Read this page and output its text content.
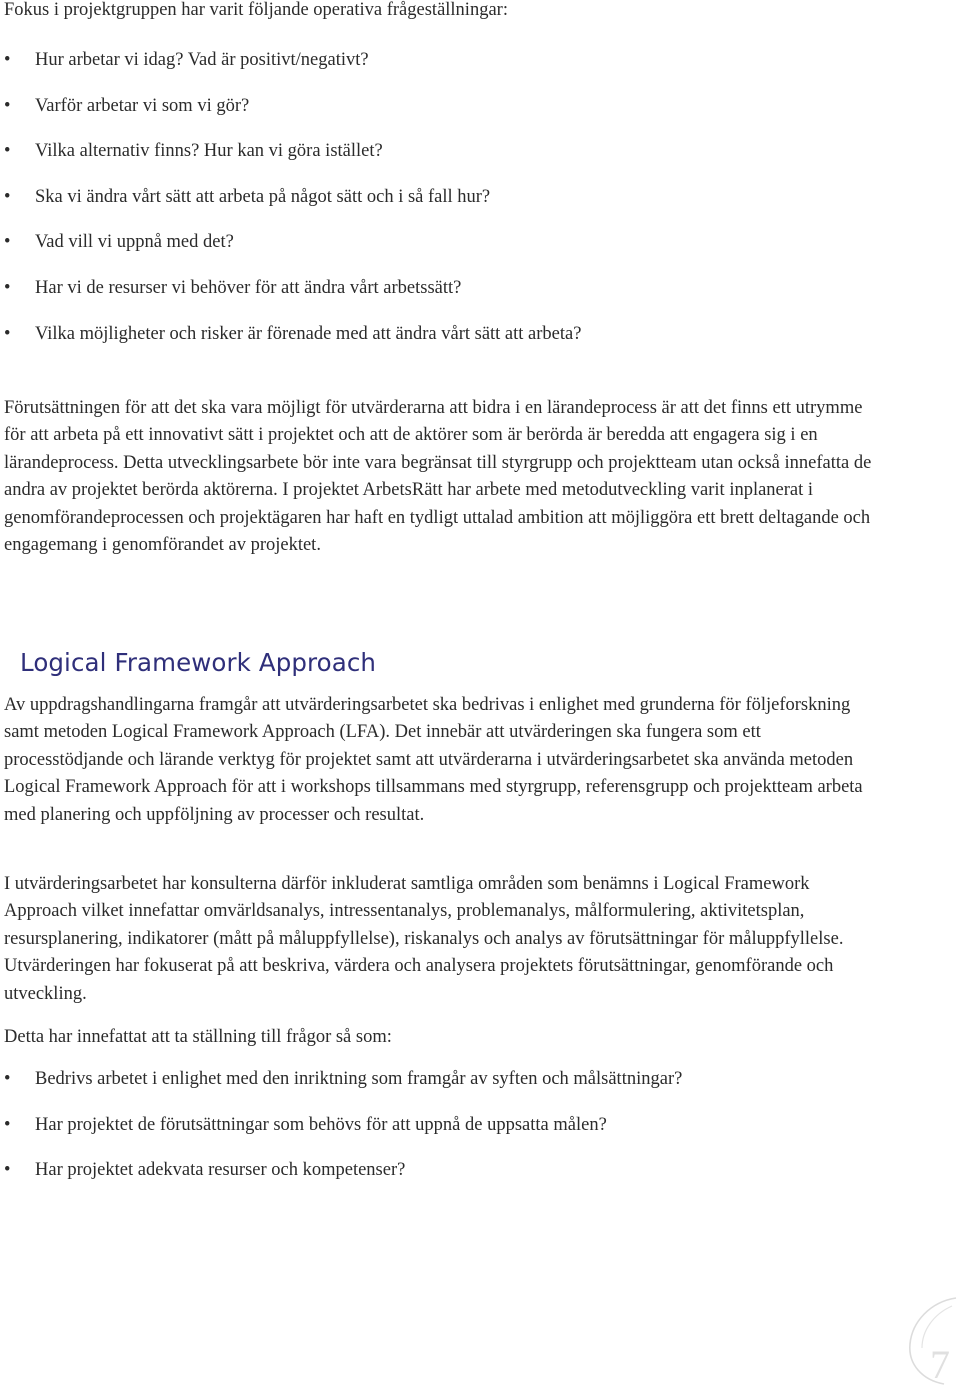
Fokus i projektgruppen har varit följande operativa frågeställningar:

• Hur arbetar vi idag? Vad är positivt/negativt?
• Varför arbetar vi som vi gör?
• Vilka alternativ finns? Hur kan vi göra istället?
• Ska vi ändra vårt sätt att arbeta på något sätt och i så fall hur?
• Vad vill vi uppnå med det?
• Har vi de resurser vi behöver för att ändra vårt arbetssätt?
• Vilka möjligheter och risker är förenade med att ändra vårt sätt att arbeta?

Förutsättningen för att det ska vara möjligt för utvärderarna att bidra i en lärandeprocess är att det finns ett utrymme för att arbeta på ett innovativt sätt i projektet och att de aktörer som är berörda är beredda att engagera sig i en lärandeprocess. Detta utvecklingsarbete bör inte vara begränsat till styrgrupp och projektteam utan också innefatta de andra av projektet berörda aktörerna. I projektet ArbetsRätt har arbete med metodutveckling varit inplanerat i genomförandeprocessen och projektägaren har haft en tydligt uttalad ambition att möjliggöra ett brett deltagande och engagemang i genomförandet av projektet.

Logical Framework Approach

Av uppdragshandlingarna framgår att utvärderingsarbetet ska bedrivas i enlighet med grunderna för följeforskning samt metoden Logical Framework Approach (LFA). Det innebär att utvärderingen ska fungera som ett processtödjande och lärande verktyg för projektet samt att utvärderarna i utvärderingsarbetet ska använda metoden Logical Framework Approach för att i workshops tillsammans med styrgrupp, referensgrupp och projektteam arbeta med planering och uppföljning av processer och resultat.

I utvärderingsarbetet har konsulterna därför inkluderat samtliga områden som benämns i Logical Framework Approach vilket innefattar omvärldsanalys, intressentanalys, problemanalys, målformulering, aktivitetsplan, resursplanering, indikatorer (mått på måluppfyllelse), riskanalys och analys av förutsättningar för måluppfyllelse. Utvärderingen har fokuserat på att beskriva, värdera och analysera projektets förutsättningar, genomförande och utveckling.

Detta har innefattat att ta ställning till frågor så som:

• Bedrivs arbetet i enlighet med den inriktning som framgår av syften och målsättningar?
• Har projektet de förutsättningar som behövs för att uppnå de uppsatta målen?
• Har projektet adekvata resurser och kompetenser?
7
